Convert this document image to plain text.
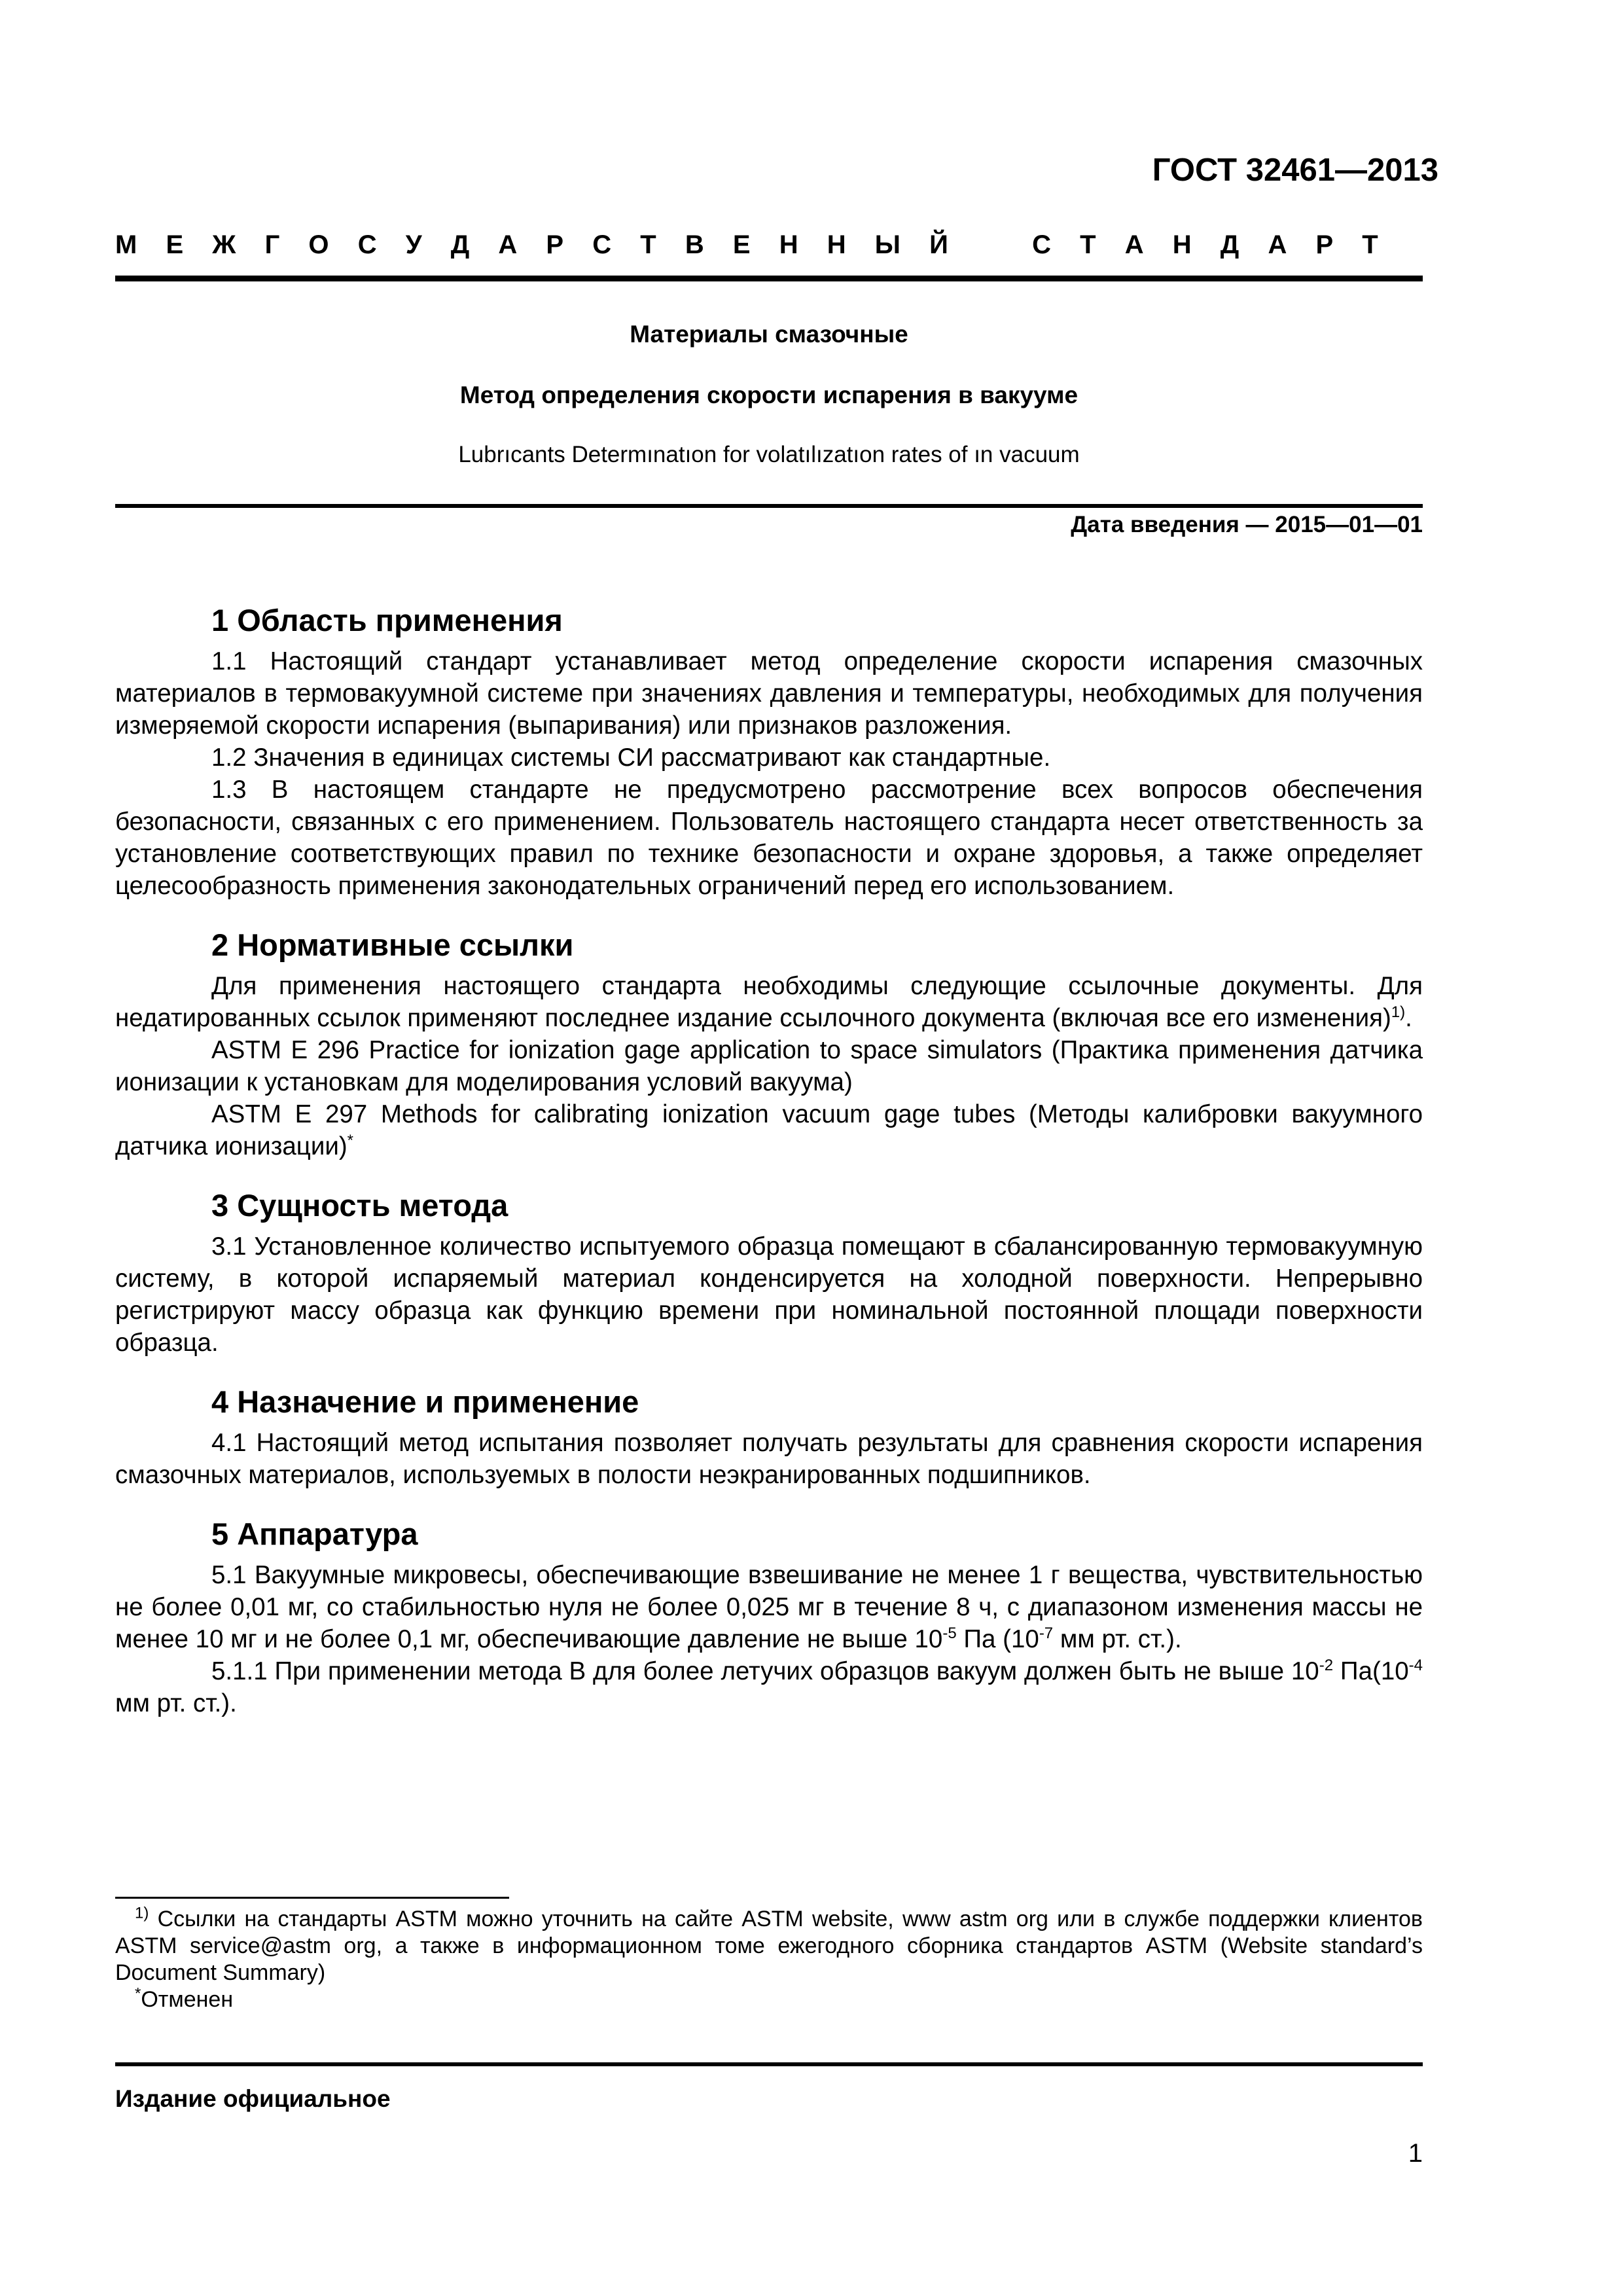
ГОСТ 32461—2013
М Е Ж Г О С У Д А Р С Т В Е Н Н Ы Й	С Т А Н Д А Р Т
Материалы смазочные
Метод определения скорости испарения в вакууме
Lubrıcants Determınatıon for volatılızatıon rates of ın vacuum
Дата введения — 2015—01—01
1 Область применения

1.1 Настоящий стандарт устанавливает метод определение скорости испарения смазочных материалов в термовакуумной системе при значениях давления и температуры, необходимых для получения измеряемой скорости испарения (выпаривания) или признаков разложения.

1.2 Значения в единицах системы СИ рассматривают как стандартные.

1.3 В настоящем стандарте не предусмотрено рассмотрение всех вопросов обеспечения безопасности, связанных с его применением. Пользователь настоящего стандарта несет ответственность за установление соответствующих правил по технике безопасности и охране здоровья, а также определяет целесообразность применения законодательных ограничений перед его использованием.

2 Нормативные ссылки

Для применения настоящего стандарта необходимы следующие ссылочные документы. Для недатированных ссылок применяют последнее издание ссылочного документа (включая все его изменения)$^{1)}$.

ASTM E 296 Practice for ionization gage application to space simulators (Практика применения датчика ионизации к установкам для моделирования условий вакуума)

ASTM E 297 Methods for calibrating ionization vacuum gage tubes (Методы калибровки вакуумного датчика ионизации)*

3 Сущность метода

3.1 Установленное количество испытуемого образца помещают в сбалансированную термовакуумную систему, в которой испаряемый материал конденсируется на холодной поверхности. Непрерывно регистрируют массу образца как функцию времени при номинальной постоянной площади поверхности образца.

4 Назначение и применение

4.1 Настоящий метод испытания позволяет получать результаты для сравнения скорости испарения смазочных материалов, используемых в полости неэкранированных подшипников.

5 Аппаратура

5.1 Вакуумные микровесы, обеспечивающие взвешивание не менее 1 г вещества, чувствительностью не более 0,01 мг, со стабильностью нуля не более 0,025 мг в течение 8 ч, с диапазоном изменения массы не менее 10 мг и не более 0,1 мг, обеспечивающие давление не выше $10^{-5}$ Па ($10^{-7}$ мм рт. ст.).

5.1.1 При применении метода В для более летучих образцов вакуум должен быть не выше $10^{-2}$ $Па(10^{-4}$ мм рт. ст.).

$^{1)}$ Ссылки на стандарты ASTM можно уточнить на сайте ASTM website, www astm org или в службе поддержки клиентов ASTM service@astm org, а также в информационном томе ежегодного сборника стандартов ASTM (Website standard’s Document Summary)

*Отменен

Издание официальное
1
